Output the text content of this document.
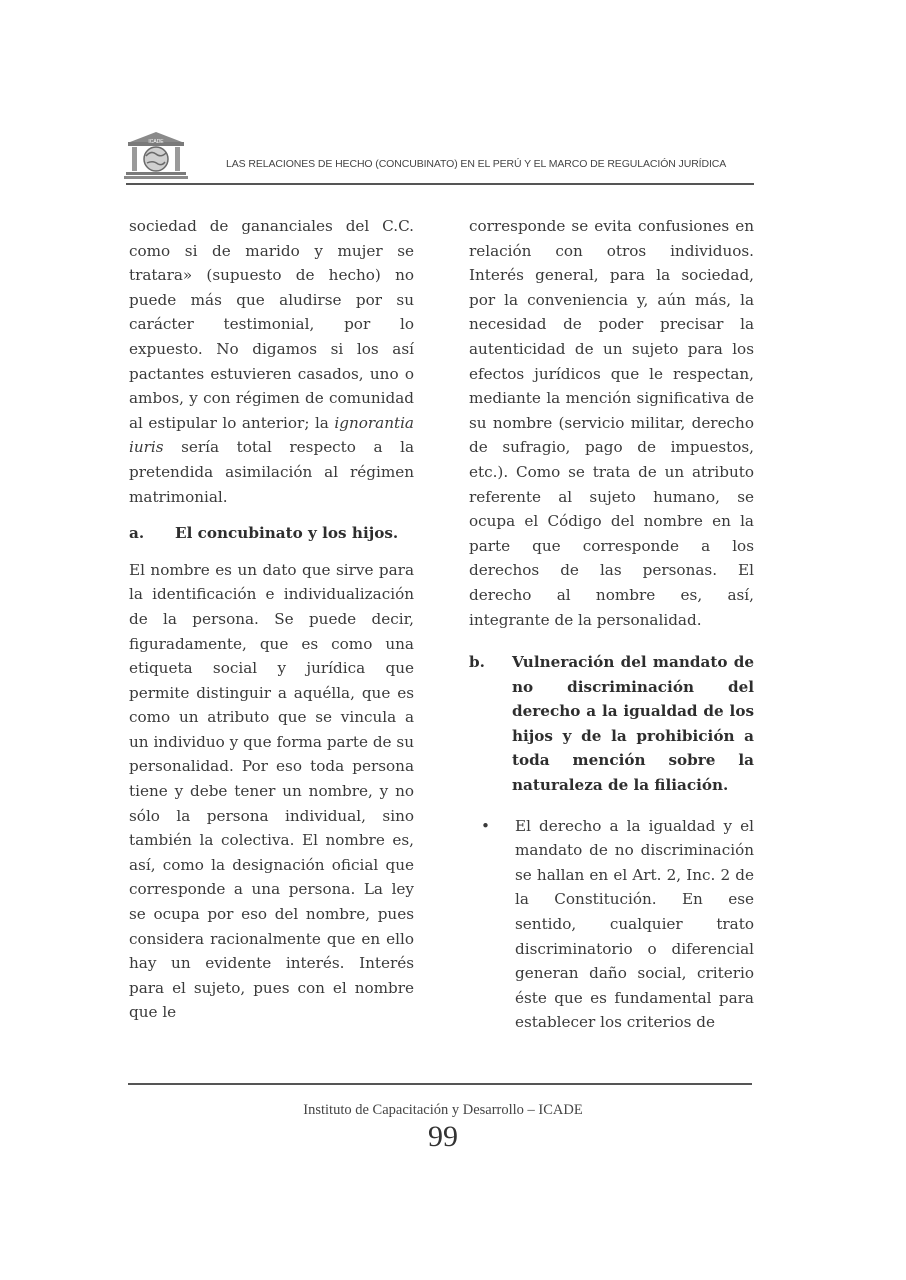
ICADE
LAS RELACIONES DE HECHO (CONCUBINATO) EN EL PERÚ Y EL MARCO DE REGULACIÓN JURÍDICA

sociedad de gananciales del C.C. como si de marido y mujer se tratara» (supuesto de hecho) no puede más que aludirse por su carácter testimonial, por lo expuesto. No digamos si los así pactantes estuvieren casados, uno o ambos, y con régimen de comunidad al estipular lo anterior; la ignorantia iuris sería total respecto a la pretendida asimilación al régimen matrimonial.

a.	El concubinato y los hijos.

El nombre es un dato que sirve para la identificación e individualización de la persona. Se puede decir, figuradamente, que es como una etiqueta social y jurídica que permite distinguir a aquélla, que es como un atributo que se vincula a un individuo y que forma parte de su personalidad. Por eso toda persona tiene y debe tener un nombre, y no sólo la persona individual, sino también la colectiva. El nombre es, así, como la designación oficial que corresponde a una persona. La ley se ocupa por eso del nombre, pues considera racionalmente que en ello hay un evidente interés. Interés para el sujeto, pues con el nombre que le

corresponde se evita confusiones en relación con otros individuos. Interés general, para la sociedad, por la conveniencia y, aún más, la necesidad de poder precisar la autenticidad de un sujeto para los efectos jurídicos que le respectan, mediante la mención significativa de su nombre (servicio militar, derecho de sufragio, pago de impuestos, etc.). Como se trata de un atributo referente al sujeto humano, se ocupa el Código del nombre en la parte que corresponde a los derechos de las personas. El derecho al nombre es, así, integrante de la personalidad.

b.	Vulneración del mandato de no discriminación del derecho a la igualdad de los hijos y de la prohibición a toda mención sobre la naturaleza de la filiación.
•	El derecho a la igualdad y el mandato de no discriminación se hallan en el Art. 2, Inc. 2 de la Constitución. En ese sentido, cualquier trato discriminatorio o diferencial generan daño social, criterio éste que es fundamental para establecer los criterios de
Instituto de Capacitación y Desarrollo – ICADE
99
